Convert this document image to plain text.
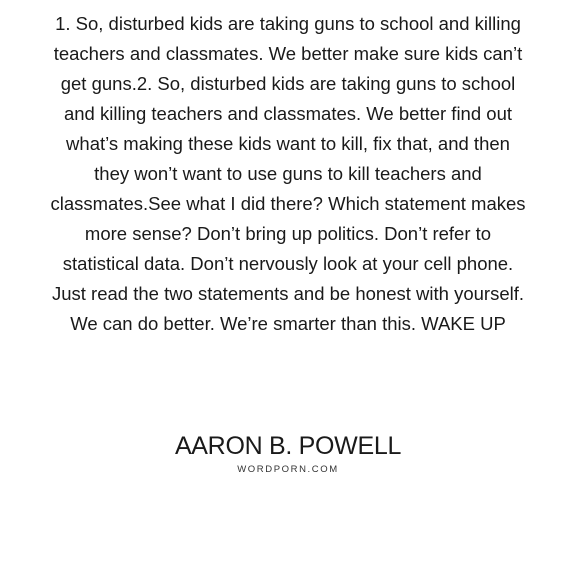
1. So, disturbed kids are taking guns to school and killing teachers and classmates. We better make sure kids can’t get guns.2. So, disturbed kids are taking guns to school and killing teachers and classmates. We better find out what’s making these kids want to kill, fix that, and then they won’t want to use guns to kill teachers and classmates.See what I did there? Which statement makes more sense? Don’t bring up politics. Don’t refer to statistical data. Don’t nervously look at your cell phone. Just read the two statements and be honest with yourself. We can do better. We’re smarter than this. WAKE UP

AARON B. POWELL
WORDPORN.COM
